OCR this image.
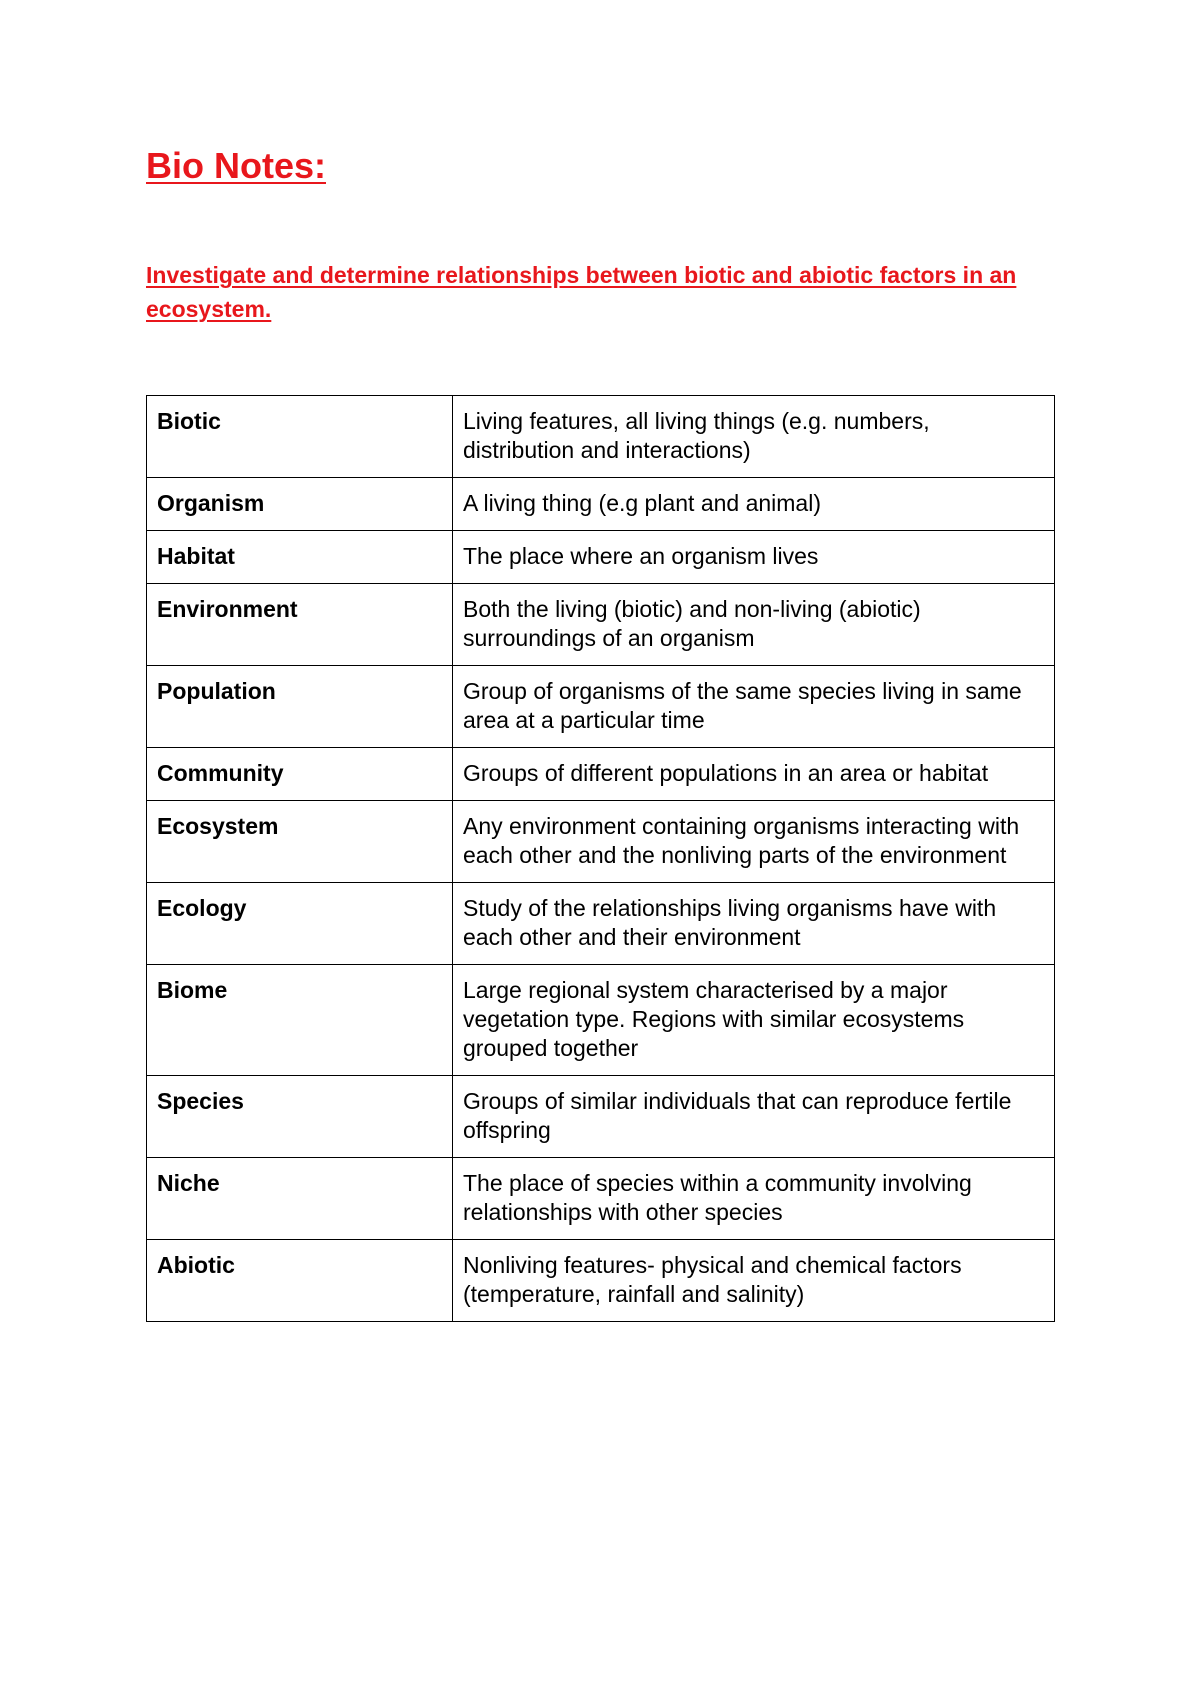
Bio Notes:

Investigate and determine relationships between biotic and abiotic factors in an ecosystem.

Biotic	Living features, all living things (e.g. numbers, distribution and interactions)
Organism	A living thing (e.g plant and animal)
Habitat	The place where an organism lives
Environment	Both the living (biotic) and non-living (abiotic) surroundings of an organism
Population	Group of organisms of the same species living in same area at a particular time
Community	Groups of different populations in an area or habitat
Ecosystem	Any environment containing organisms interacting with each other and the nonliving parts of the environment
Ecology	Study of the relationships living organisms have with each other and their environment
Biome	Large regional system characterised by a major vegetation type. Regions with similar ecosystems grouped together
Species	Groups of similar individuals that can reproduce fertile offspring
Niche	The place of species within a community involving relationships with other species
Abiotic	Nonliving features- physical and chemical factors (temperature, rainfall and salinity)
